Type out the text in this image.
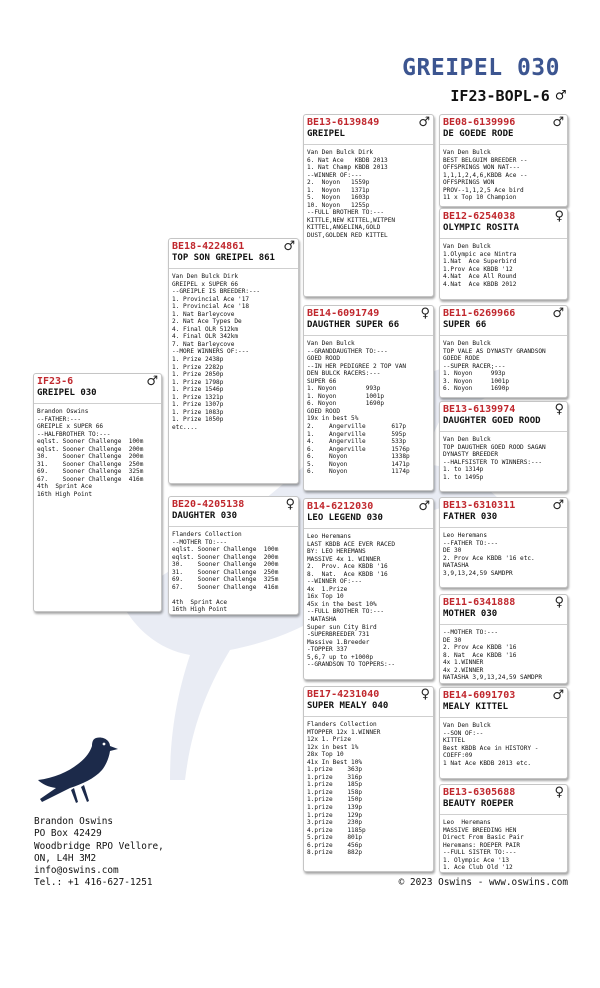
GREIPEL 030
IF23-BOPL-6 ♂
IF23-6	♂
GREIPEL 030
Brandon Oswins
--FATHER:---
GREIPLE x SUPER 66
--HALFBROTHER TO:---
eqlst. Sooner Challenge  100m
eqlst. Sooner Challenge  200m
30.    Sooner Challenge  200m
31.    Sooner Challenge  250m
69.    Sooner Challenge  325m
67.    Sooner Challenge  416m
4th  Sprint Ace
16th High Point
BE18-4224861	♂
TOP SON GREIPEL 861
Van Den Bulck Dirk
GREIPEL x SUPER 66
--GREIPLE IS BREEDER:---
1. Provincial Ace '17
1. Provincial Ace '18
1. Nat Barleycove
2. Nat Ace Types De
4. Final OLR 512km
4. Final OLR 342km
7. Nat Barleycove
--MORE WINNERS OF:---
1. Prize 2438p
1. Prize 2282p
1. Prize 2050p
1. Prize 1798p
1. Prize 1546p
1. Prize 1321p
1. Prize 1307p
1. Prize 1083p
1. Prize 1050p
etc....
BE20-4205138	♀
DAUGHTER 030
Flanders Collection
--MOTHER TO:---
eqlst. Sooner Challenge  100m
eqlst. Sooner Challenge  200m
30.    Sooner Challenge  200m
31.    Sooner Challenge  250m
69.    Sooner Challenge  325m
67.    Sooner Challenge  416m

4th  Sprint Ace
16th High Point
BE13-6139849	♂
GREIPEL
Van Den Bulck Dirk
6. Nat Ace   KBDB 2013
1. Nat Champ KBDB 2013
--WINNER OF:---
2.  Noyon   1559p
1.  Noyon   1371p
5.  Noyon   1603p
10. Noyon   1255p
--FULL BROTHER TO:---
KITTLE,NEW KITTEL,WITPEN
KITTEL,ANGELINA,GOLD
DUST,GOLDEN RED KITTEL
BE14-6091749	♀
DAUGTHER SUPER 66
Van Den Bulck
--GRANDDAUGTHER TO:---
GOED ROOD
--IN HER PEDIGREE 2 TOP VAN
DEN BULCK RACERS:---
SUPER 66
1. Noyon        993p
1. Noyon        1001p
6. Noyon        1690p
GOED ROOD
19x in best 5%
2.    Angerville       617p
1.    Angerville       595p
4.    Angerville       533p
6.    Angerville       1576p
6.    Noyon            1338p
5.    Noyon            1471p
6.    Noyon            1174p
B14-6212030	♂
LEO LEGEND 030
Leo Heremans
LAST KBDB ACE EVER RACED
BY: LEO HEREMANS
MASSIVE 4x 1. WINNER
2.  Prov. Ace KBDB '16
8.  Nat.  Ace KBDB '16
--WINNER OF:---
4x  1.Prize
16x Top 10
45x in the best 10%
--FULL BROTHER TO:---
-NATASHA
Super sun City Bird
-SUPERBREEDER 731
Massive 1.Breeder
-TOPPER 337
5,6,7 up to +1000p
--GRANDSON TO TOPPERS:--
BE17-4231040	♀
SUPER MEALY 040
Flanders Collection
MTOPPER 12x 1.WINNER
12x 1. Prize
12x in best 1%
28x Top 10
41x In Best 10%
1.prize    363p
1.prize    316p
1.prize    185p
1.prize    158p
1.prize    150p
1.prize    139p
1.prize    129p
3.prize    230p
4.prize    1185p
5.prize    801p
6.prize    456p
8.prize    882p
BE08-6139996	♂
DE GOEDE RODE
Van Den Bulck
BEST BELGUIM BREEDER --
OFFSPRINGS WON NAT---
1,1,1,2,4,6,KBDB Ace --
OFFSPRINGS WON
PROV--1,1,2,5 Ace bird
11 x Top 10 Champion
BE12-6254038	♀
OLYMPIC ROSITA
Van Den Bulck
1.Olympic ace Nintra
1.Nat  Ace Superbird
1.Prov Ace KBDB '12
4.Nat  Ace All Round
4.Nat  Ace KBDB 2012
BE11-6269966	♂
SUPER 66
Van Den Bulck
TOP VALE AS DYNASTY GRANDSON
GOEDE RODE
--SUPER RACER;---
1. Noyon     993p
3. Noyon     1001p
6. Noyon     1690p
BE13-6139974	♀
DAUGHTER GOED ROOD
Van Den Bulck
TOP DAUGTHER GOED ROOD SAGAN
DYNASTY BREEDER
--HALFSISTER TO WINNERS:---
1. to 1314p
1. to 1495p
BE13-6310311	♂
FATHER 030
Leo Heremans
--FATHER TO:---
DE 30
2. Prov Ace KBDB '16 etc.
NATASHA
3,9,13,24,59 SAMDPR
BE11-6341888	♀
MOTHER 030
--MOTHER TO:---
DE 30
2. Prov Ace KBDB '16
8. Nat  Ace KBDB '16
4x 1.WINNER
4x 2.WINNER
NATASHA 3,9,13,24,59 SAMDPR
BE14-6091703	♂
MEALY KITTEL
Van Den Bulck
--SON OF:--
KITTEL
Best KBDB Ace in HISTORY -
COEFF:09
1 Nat Ace KBDB 2013 etc.
BE13-6305688	♀
BEAUTY ROEPER
Leo  Heremans
MASSIVE BREEDING HEN
Direct From Basic Pair
Heremans: ROEPER PAIR
--FULL SISTER TO:---
1. Olympic Ace '13
1. Ace Club Old '12
Brandon Oswins
PO Box 42429
Woodbridge RPO Vellore,
ON, L4H 3M2
info@oswins.com
Tel.: +1 416-627-1251	© 2023 Oswins - www.oswins.com
